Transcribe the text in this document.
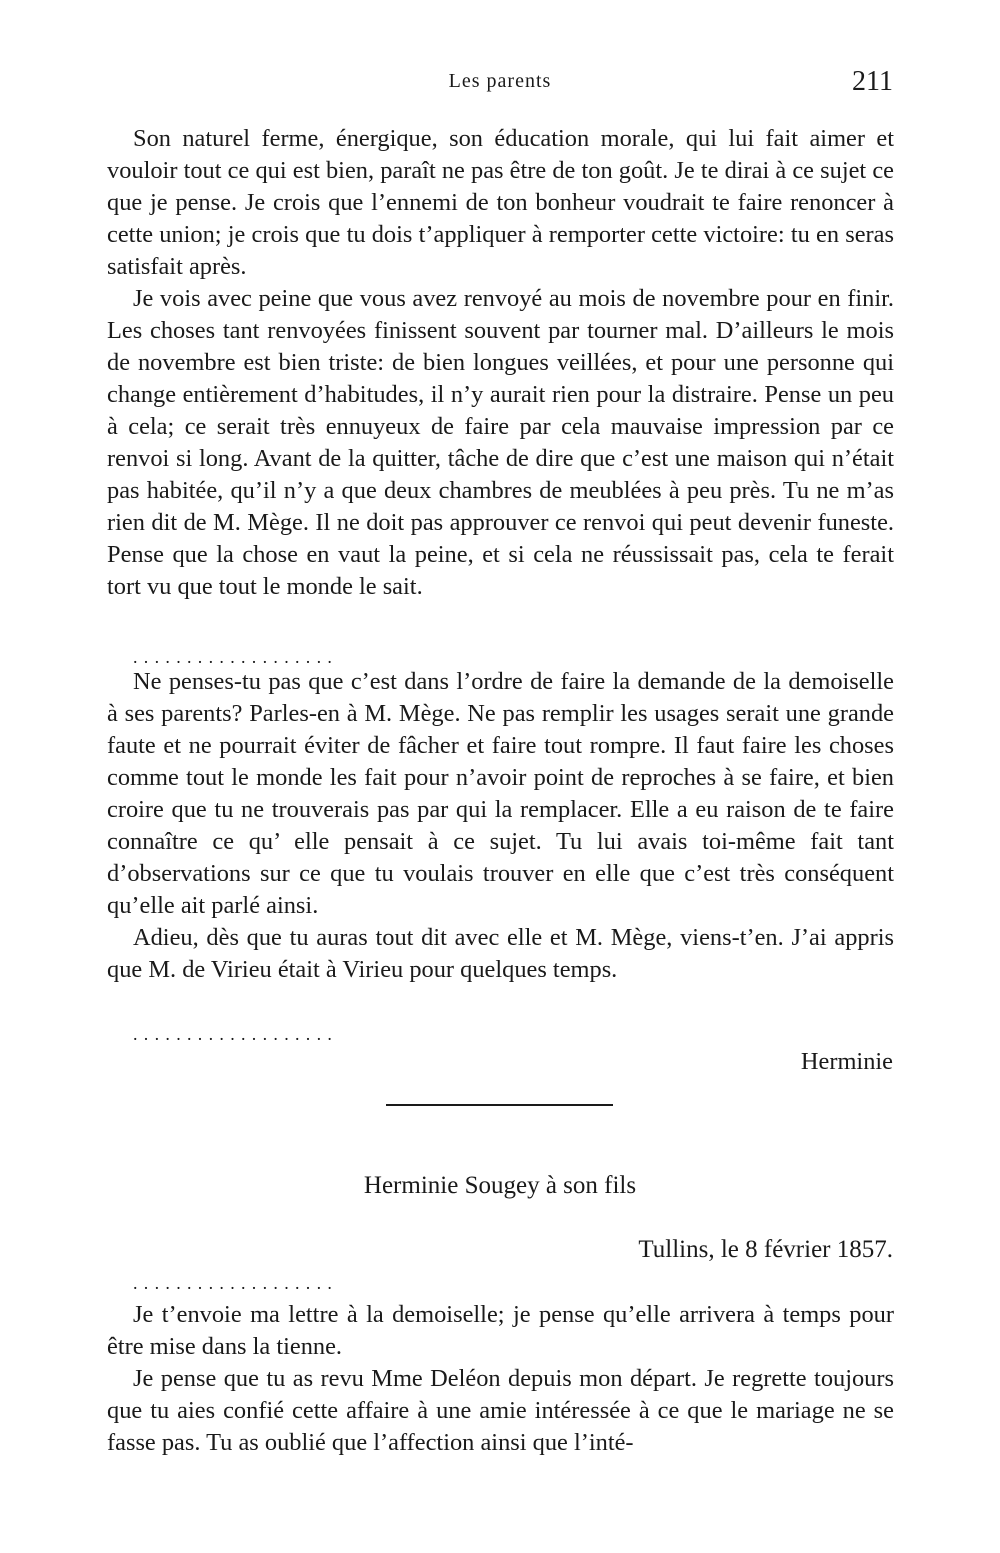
Les parents	211

Son naturel ferme, énergique, son éducation morale, qui lui fait aimer et vouloir tout ce qui est bien, paraît ne pas être de ton goût. Je te dirai à ce sujet ce que je pense. Je crois que l’ennemi de ton bonheur voudrait te faire renoncer à cette union; je crois que tu dois t’appliquer à remporter cette victoire: tu en seras satisfait après.

Je vois avec peine que vous avez renvoyé au mois de novembre pour en finir. Les choses tant renvoyées finissent souvent par tourner mal. D’ailleurs le mois de novembre est bien triste: de bien longues veillées, et pour une personne qui change entièrement d’habitudes, il n’y aurait rien pour la distraire. Pense un peu à cela; ce serait très ennuyeux de faire par cela mauvaise impression par ce renvoi si long. Avant de la quitter, tâche de dire que c’est une maison qui n’était pas habitée, qu’il n’y a que deux chambres de meublées à peu près. Tu ne m’as rien dit de M. Mège. Il ne doit pas approuver ce renvoi qui peut devenir funeste. Pense que la chose en vaut la peine, et si cela ne réussissait pas, cela te ferait tort vu que tout le monde le sait.

...................

Ne penses-tu pas que c’est dans l’ordre de faire la demande de la demoiselle à ses parents? Parles-en à M. Mège. Ne pas remplir les usages serait une grande faute et ne pourrait éviter de fâcher et faire tout rompre. Il faut faire les choses comme tout le monde les fait pour n’avoir point de reproches à se faire, et bien croire que tu ne trouverais pas par qui la remplacer. Elle a eu raison de te faire connaître ce qu’ elle pensait à ce sujet. Tu lui avais toi-même fait tant d’observations sur ce que tu voulais trouver en elle que c’est très conséquent qu’elle ait parlé ainsi.

Adieu, dès que tu auras tout dit avec elle et M. Mège, viens-t’en. J’ai appris que M. de Virieu était à Virieu pour quelques temps.

...................
Herminie
Herminie Sougey à son fils
Tullins, le 8 février 1857.
...................

Je t’envoie ma lettre à la demoiselle; je pense qu’elle arrivera à temps pour être mise dans la tienne.

Je pense que tu as revu Mme Deléon depuis mon départ. Je regrette toujours que tu aies confié cette affaire à une amie intéressée à ce que le mariage ne se fasse pas. Tu as oublié que l’affection ainsi que l’inté-
